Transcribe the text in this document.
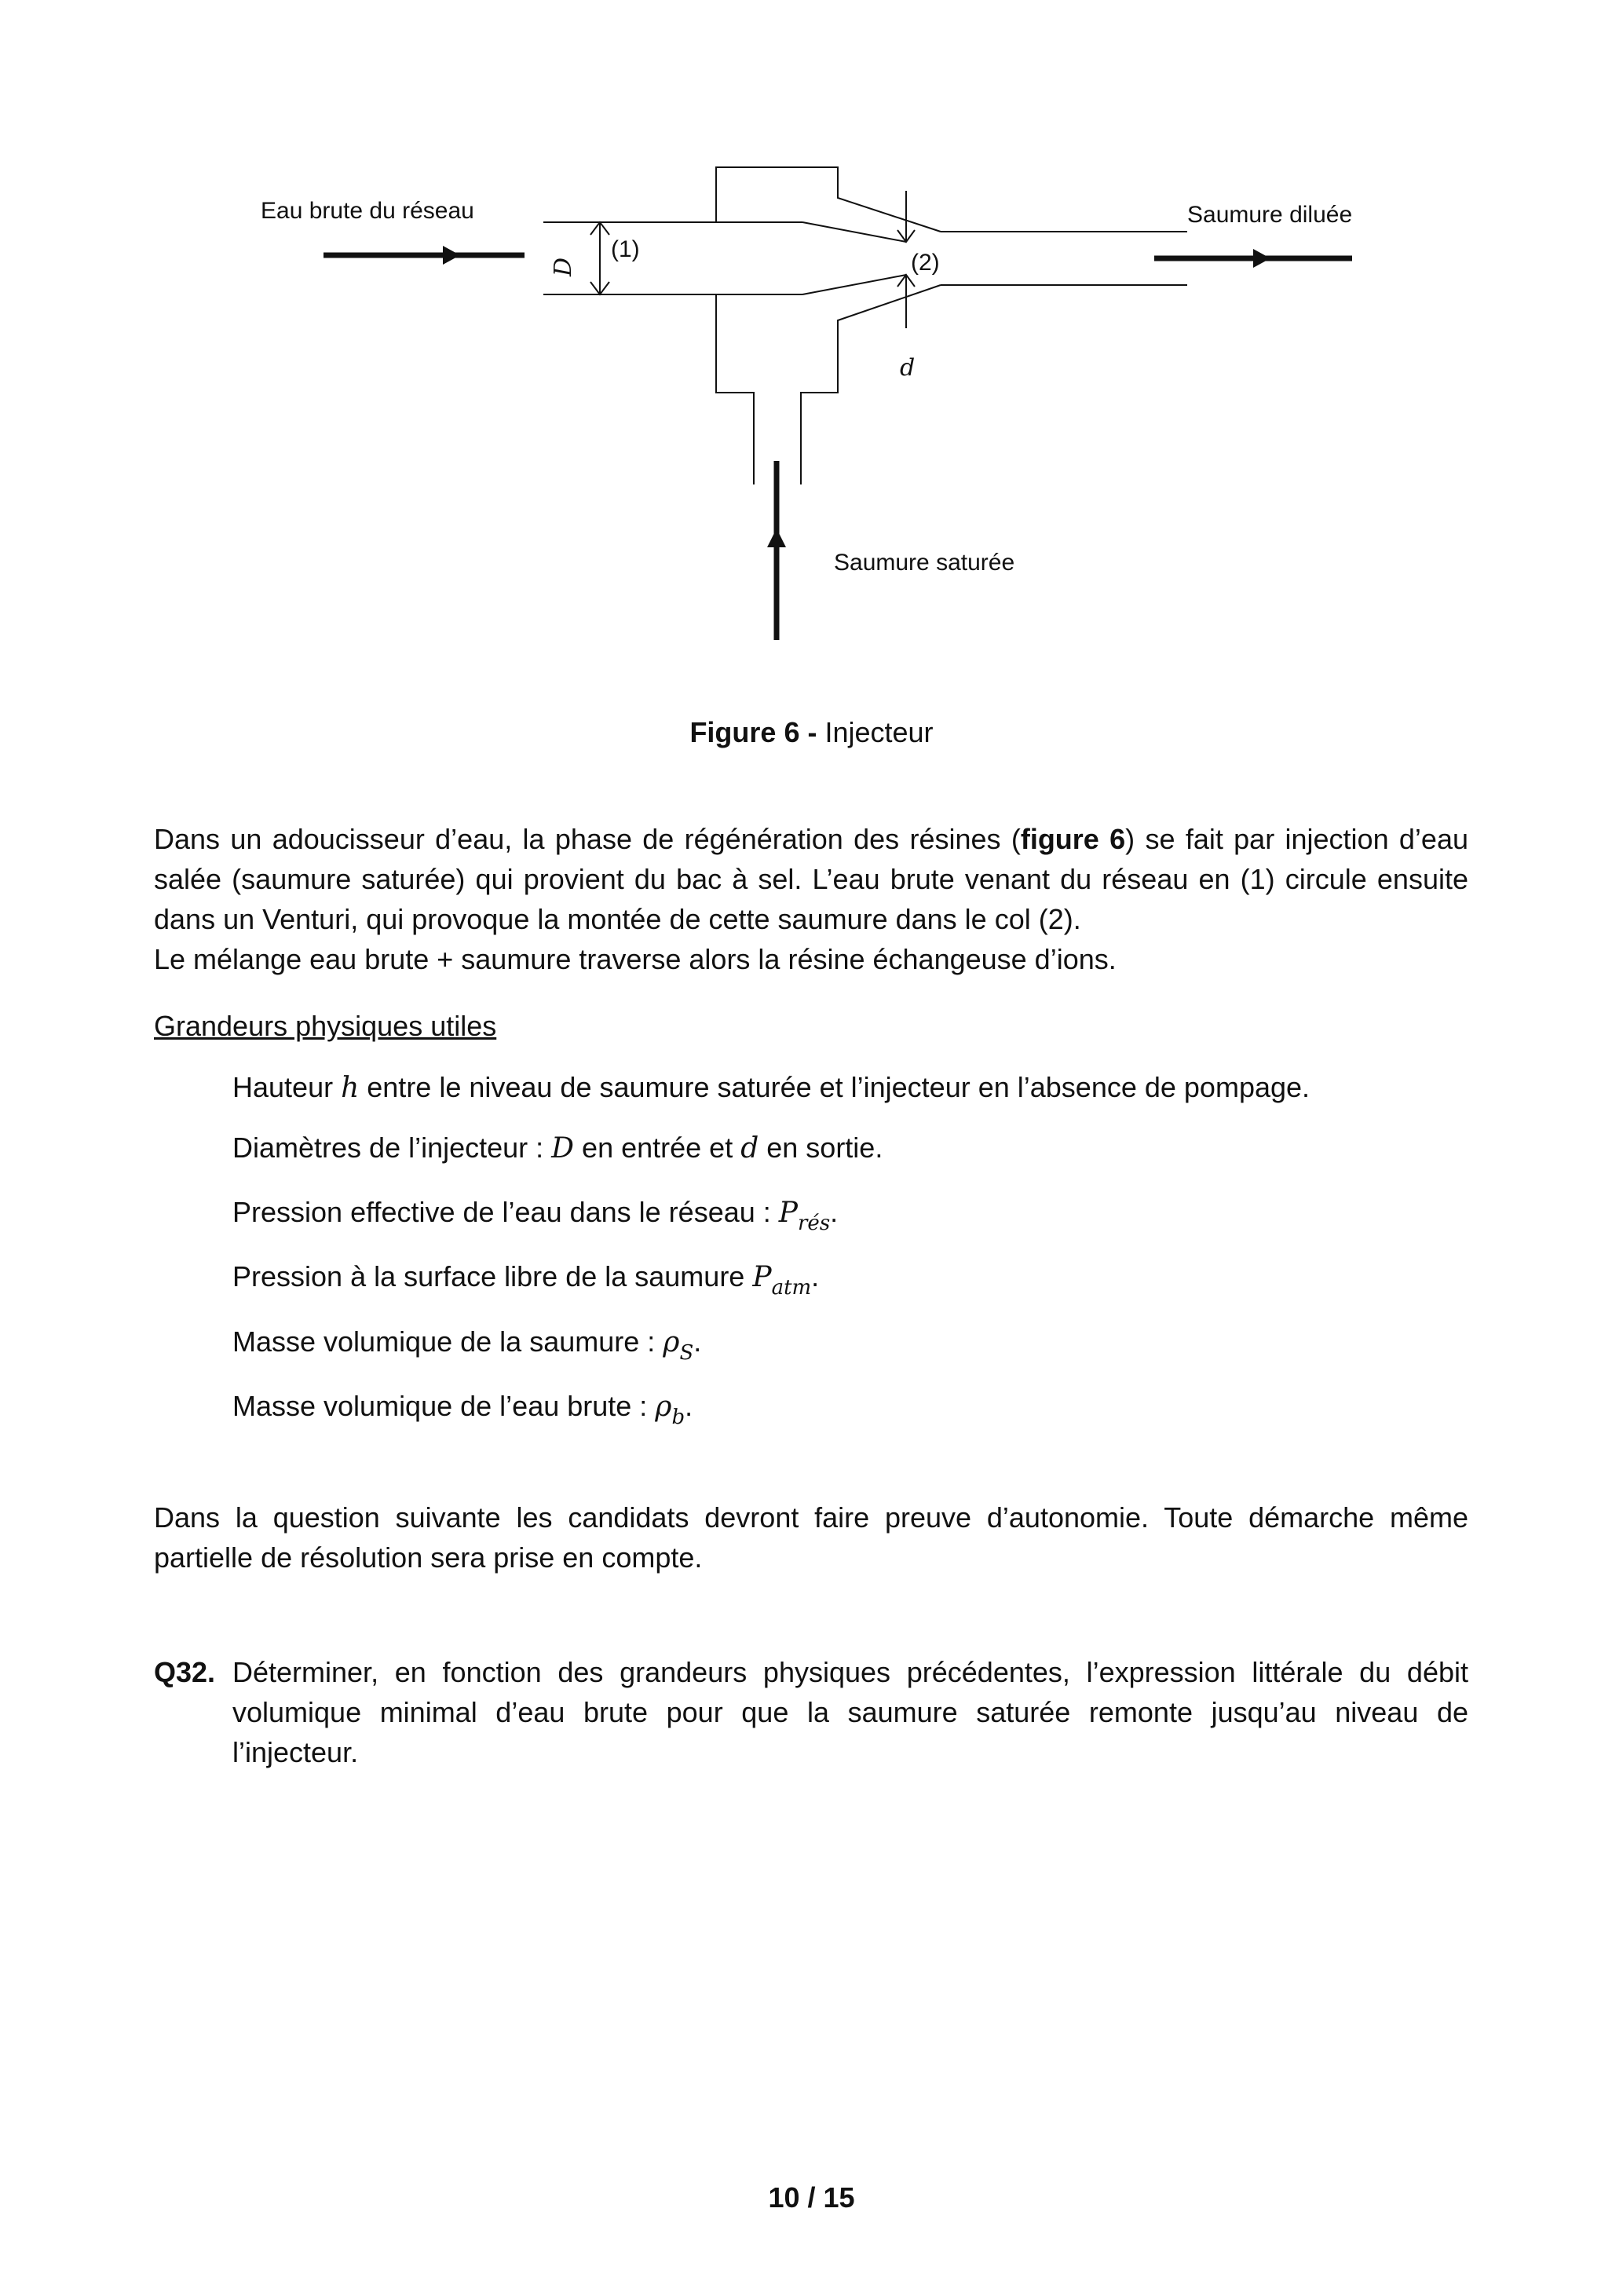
Eau brute du réseau	Saumure diluée
Saumure saturée
(1)
(2)
D
d
Figure 6 - Injecteur

Dans un adoucisseur d’eau, la phase de régénération des résines (figure 6) se fait par injection d’eau salée (saumure saturée) qui provient du bac à sel. L’eau brute venant du réseau en (1) circule ensuite dans un Venturi, qui provoque la montée de cette saumure dans le col (2).

Le mélange eau brute + saumure traverse alors la résine échangeuse d’ions.

Grandeurs physiques utiles
Hauteur h entre le niveau de saumure saturée et l’injecteur en l’absence de pompage.
Diamètres de l’injecteur : D en entrée et d en sortie.
Pression effective de l’eau dans le réseau : $P_{rés}$.
Pression à la surface libre de la saumure $P_{atm}$.
Masse volumique de la saumure : $\rho_S$.
Masse volumique de l’eau brute : $\rho_b$.
Dans la question suivante les candidats devront faire preuve d’autonomie. Toute démarche même partielle de résolution sera prise en compte.
Q32. Déterminer, en fonction des grandeurs physiques précédentes, l’expression littérale du débit volumique minimal d’eau brute pour que la saumure saturée remonte jusqu’au niveau de l’injecteur.
10 / 15
